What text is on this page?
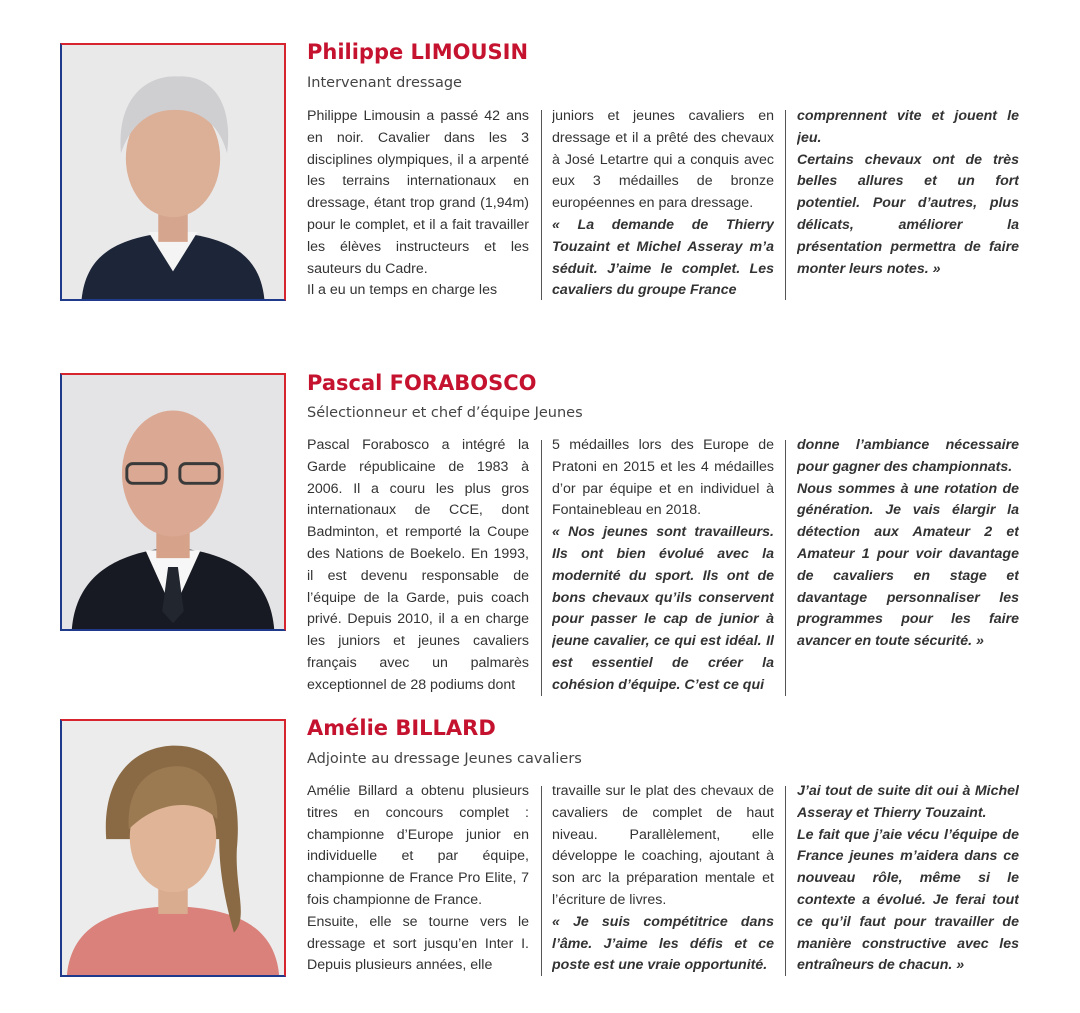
Philippe LIMOUSIN
Intervenant dressage

Philippe Limousin a passé 42 ans en noir. Cavalier dans les 3 disciplines olympiques, il a arpenté les terrains internationaux en dressage, étant trop grand (1,94m) pour le complet, et il a fait travailler les élèves instructeurs et les sauteurs du Cadre.

Il a eu un temps en charge les

juniors et jeunes cavaliers en dressage et il a prêté des chevaux à José Letartre qui a conquis avec eux 3 médailles de bronze européennes en para dressage.

« La demande de Thierry Touzaint et Michel Asseray m’a séduit. J’aime le complet. Les cavaliers du groupe France

comprennent vite et jouent le jeu.

Certains chevaux ont de très belles allures et un fort potentiel. Pour d’autres, plus délicats, améliorer la présentation permettra de faire monter leurs notes. »

Pascal FORABOSCO
Sélectionneur et chef d’équipe Jeunes

Pascal Forabosco a intégré la Garde républicaine de 1983 à 2006. Il a couru les plus gros internationaux de CCE, dont Badminton, et remporté la Coupe des Nations de Boekelo. En 1993, il est devenu responsable de l’équipe de la Garde, puis coach privé. Depuis 2010, il a en charge les juniors et jeunes cavaliers français avec un palmarès exceptionnel de 28 podiums dont

5 médailles lors des Europe de Pratoni en 2015 et les 4 médailles d’or par équipe et en individuel à Fontainebleau en 2018.

« Nos jeunes sont travailleurs. Ils ont bien évolué avec la modernité du sport. Ils ont de bons chevaux qu’ils conservent pour passer le cap de junior à jeune cavalier, ce qui est idéal. Il est essentiel de créer la cohésion d’équipe. C’est ce qui

donne l’ambiance nécessaire pour gagner des championnats.

Nous sommes à une rotation de génération. Je vais élargir la détection aux Amateur 2 et Amateur 1 pour voir davantage de cavaliers en stage et davantage personnaliser les programmes pour les faire avancer en toute sécurité. »

Amélie BILLARD
Adjointe au dressage Jeunes cavaliers

Amélie Billard a obtenu plusieurs titres en concours complet : championne d’Europe junior en individuelle et par équipe, championne de France Pro Elite, 7 fois championne de France.

Ensuite, elle se tourne vers le dressage et sort jusqu’en Inter I. Depuis plusieurs années, elle

travaille sur le plat des chevaux de cavaliers de complet de haut niveau. Parallèlement, elle développe le coaching, ajoutant à son arc la préparation mentale et l’écriture de livres.

« Je suis compétitrice dans l’âme. J’aime les défis et ce poste est une vraie opportunité.

J’ai tout de suite dit oui à Michel Asseray et Thierry Touzaint.

Le fait que j’aie vécu l’équipe de France jeunes m’aidera dans ce nouveau rôle, même si le contexte a évolué. Je ferai tout ce qu’il faut pour travailler de manière constructive avec les entraîneurs de chacun. »
